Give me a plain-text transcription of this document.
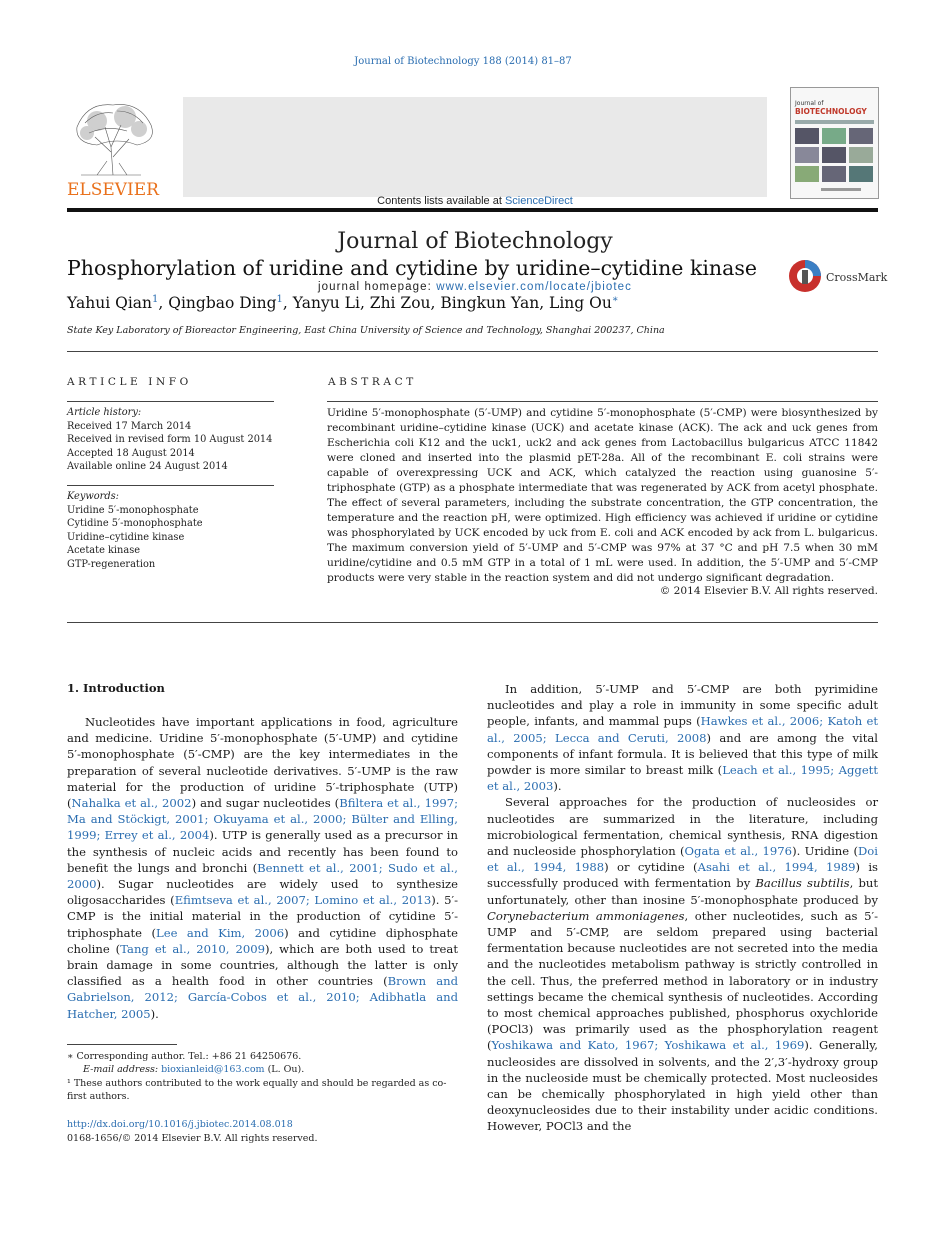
Journal of Biotechnology 188 (2014) 81–87
ELSEVIER
Contents lists available at ScienceDirect
Journal of Biotechnology
journal homepage: www.elsevier.com/locate/jbiotec
Journal of
BIOTECHNOLOGY
Phosphorylation of uridine and cytidine by uridine–cytidine kinase	CrossMark
Yahui Qian$^1$, Qingbao Ding$^1$, Yanyu Li, Zhi Zou, Bingkun Yan, Ling Ou∗
State Key Laboratory of Bioreactor Engineering, East China University of Science and Technology, Shanghai 200237, China
ARTICLE INFO	ABSTRACT
Article history:
Received 17 March 2014
Received in revised form 10 August 2014
Accepted 18 August 2014
Available online 24 August 2014
Keywords:
Uridine 5′-monophosphate
Cytidine 5′-monophosphate
Uridine–cytidine kinase
Acetate kinase
GTP-regeneration
Uridine 5′-monophosphate (5′-UMP) and cytidine 5′-monophosphate (5′-CMP) were biosynthesized by recombinant uridine–cytidine kinase (UCK) and acetate kinase (ACK). The ack and uck genes from Escherichia coli K12 and the uck1, uck2 and ack genes from Lactobacillus bulgaricus ATCC 11842 were cloned and inserted into the plasmid pET-28a. All of the recombinant E. coli strains were capable of overexpressing UCK and ACK, which catalyzed the reaction using guanosine 5′-triphosphate (GTP) as a phosphate intermediate that was regenerated by ACK from acetyl phosphate. The effect of several parameters, including the substrate concentration, the GTP concentration, the temperature and the reaction pH, were optimized. High efficiency was achieved if uridine or cytidine was phosphorylated by UCK encoded by uck from E. coli and ACK encoded by ack from L. bulgaricus. The maximum conversion yield of 5′-UMP and 5′-CMP was 97% at 37 °C and pH 7.5 when 30 mM uridine/cytidine and 0.5 mM GTP in a total of 1 mL were used. In addition, the 5′-UMP and 5′-CMP products were very stable in the reaction system and did not undergo significant degradation.
© 2014 Elsevier B.V. All rights reserved.
1. Introduction

Nucleotides have important applications in food, agriculture and medicine. Uridine 5′-monophosphate (5′-UMP) and cytidine 5′-monophosphate (5′-CMP) are the key intermediates in the preparation of several nucleotide derivatives. 5′-UMP is the raw material for the production of uridine 5′-triphosphate (UTP) (Nahalka et al., 2002) and sugar nucleotides (Bfiltera et al., 1997; Ma and Stöckigt, 2001; Okuyama et al., 2000; Bülter and Elling, 1999; Errey et al., 2004). UTP is generally used as a precursor in the synthesis of nucleic acids and recently has been found to benefit the lungs and bronchi (Bennett et al., 2001; Sudo et al., 2000). Sugar nucleotides are widely used to synthesize oligosaccharides (Efimtseva et al., 2007; Lomino et al., 2013). 5′-CMP is the initial material in the production of cytidine 5′-triphosphate (Lee and Kim, 2006) and cytidine diphosphate choline (Tang et al., 2010, 2009), which are both used to treat brain damage in some countries, although the latter is only classified as a health food in other countries (Brown and Gabrielson, 2012; García-Cobos et al., 2010; Adibhatla and Hatcher, 2005).

In addition, 5′-UMP and 5′-CMP are both pyrimidine nucleotides and play a role in immunity in some specific adult people, infants, and mammal pups (Hawkes et al., 2006; Katoh et al., 2005; Lecca and Ceruti, 2008) and are among the vital components of infant formula. It is believed that this type of milk powder is more similar to breast milk (Leach et al., 1995; Aggett et al., 2003).

Several approaches for the production of nucleosides or nucleotides are summarized in the literature, including microbiological fermentation, chemical synthesis, RNA digestion and nucleoside phosphorylation (Ogata et al., 1976). Uridine (Doi et al., 1994, 1988) or cytidine (Asahi et al., 1994, 1989) is successfully produced with fermentation by Bacillus subtilis, but unfortunately, other than inosine 5′-monophosphate produced by Corynebacterium ammoniagenes, other nucleotides, such as 5′-UMP and 5′-CMP, are seldom prepared using bacterial fermentation because nucleotides are not secreted into the media and the nucleotides metabolism pathway is strictly controlled in the cell. Thus, the preferred method in laboratory or in industry settings became the chemical synthesis of nucleotides. According to most chemical approaches published, phosphorus oxychloride (POCl3) was primarily used as the phosphorylation reagent (Yoshikawa and Kato, 1967; Yoshikawa et al., 1969). Generally, nucleosides are dissolved in solvents, and the 2′,3′-hydroxy group in the nucleoside must be chemically protected. Most nucleosides can be chemically phosphorylated in high yield other than deoxynucleosides due to their instability under acidic conditions. However, POCl3 and the

∗ Corresponding author. Tel.: +86 21 64250676.

E-mail address: bioxianleid@163.com (L. Ou).

¹ These authors contributed to the work equally and should be regarded as co-first authors.

http://dx.doi.org/10.1016/j.jbiotec.2014.08.018
0168-1656/© 2014 Elsevier B.V. All rights reserved.
